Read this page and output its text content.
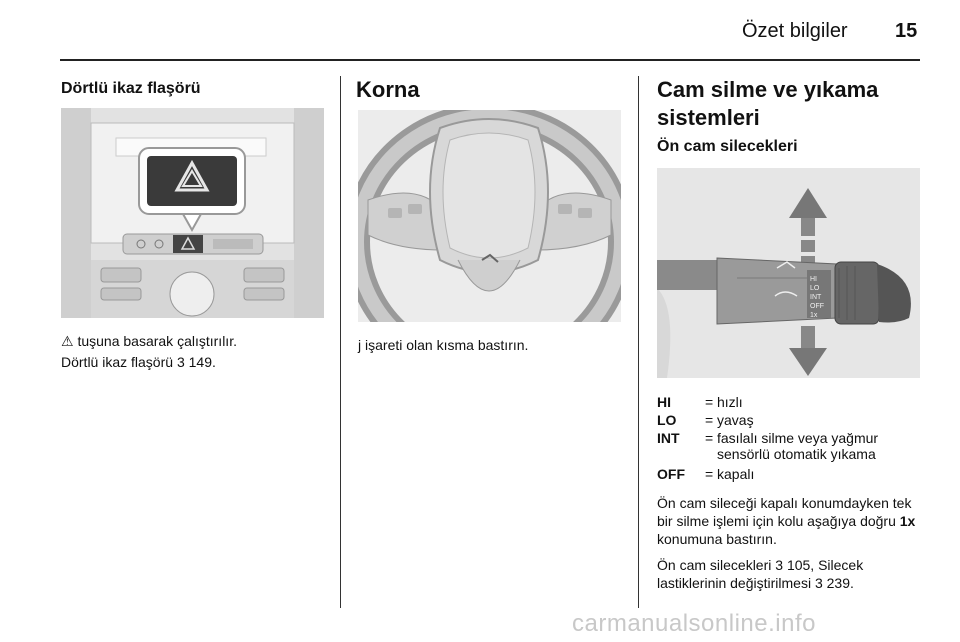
Özet bilgiler 15
Dörtlü ikaz flaşörü

⚠ tuşuna basarak çalıştırılır.

Dörtlü ikaz flaşörü 3 149.

Korna

j işareti olan kısma bastırın.

Cam silme ve yıkama
sistemleri
Ön cam silecekleri
HI
LO
INT
OFF
1x
HI = hızlı
LO = yavaş
INT = fasılalı silme veya yağmur sensörlü otomatik yıkama
OFF = kapalı

Ön cam sileceği kapalı konumdayken tek bir silme işlemi için kolu aşağıya doğru 1x konumuna bastırın.

Ön cam silecekleri 3 105, Silecek lastiklerinin değiştirilmesi 3 239.

carmanualsonline.info
